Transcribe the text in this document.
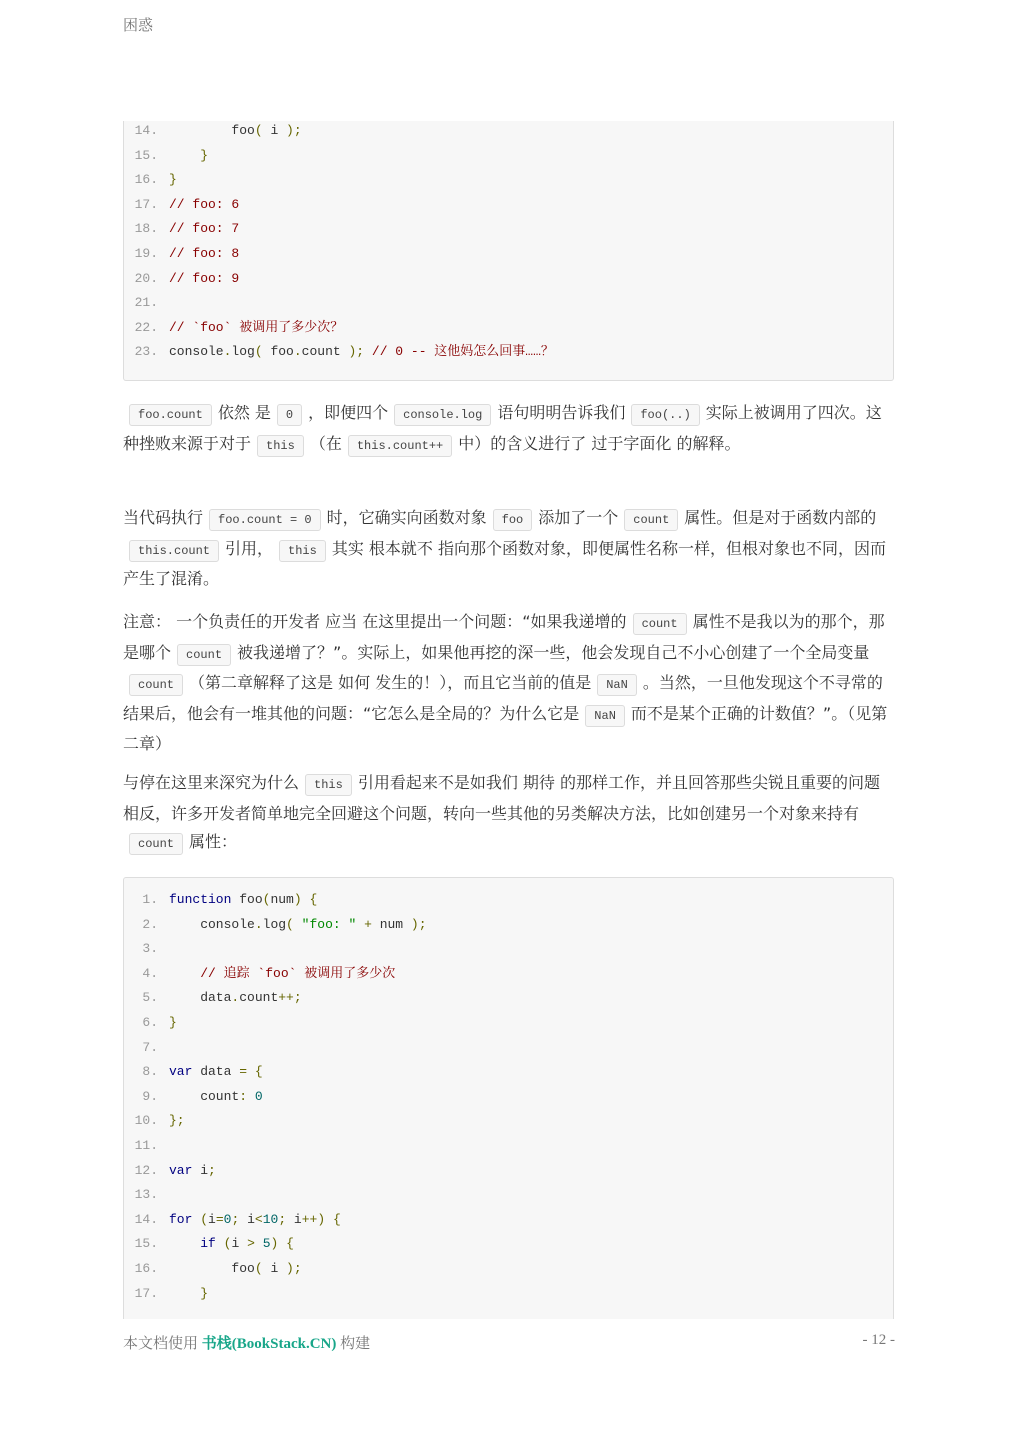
困惑
14. foo( i );
15.	}
16. }
17. // foo: 6
18. // foo: 7
19. // foo: 8
20. // foo: 9
21.
22. // `foo` 被调用了多少次？
23. console.log( foo.count ); // 0 -- 这他妈怎么回事……？

foo.count 依然 是 0 ，即便四个 console.log 语句明明告诉我们 foo(..) 实际上被调用了四次。这种挫败来源于对于 this （在 this.count++ 中）的含义进行了 过于字面化 的解释。

当代码执行 foo.count = 0 时，它确实向函数对象 foo 添加了一个 count 属性。但是对于函数内部的this.count 引用， this 其实 根本就不 指向那个函数对象，即便属性名称一样，但根对象也不同，因而产生了混淆。

注意： 一个负责任的开发者 应当 在这里提出一个问题：“如果我递增的 count 属性不是我以为的那个，那是哪个 count 被我递增了？”。实际上，如果他再挖的深一些，他会发现自己不小心创建了一个全局变量count （第二章解释了这是 如何 发生的！），而且它当前的值是 NaN 。当然，一旦他发现这个不寻常的结果后，他会有一堆其他的问题：“它怎么是全局的？为什么它是 NaN 而不是某个正确的计数值？”。（见第二章）

与停在这里来深究为什么 this 引用看起来不是如我们 期待 的那样工作，并且回答那些尖锐且重要的问题相反，许多开发者简单地完全回避这个问题，转向一些其他的另类解决方法，比如创建另一个对象来持有count 属性：

1. function foo(num) {
2. console.log( "foo: " + num );
3.
4.	// 追踪 `foo` 被调用了多少次
5. data.count++;
6. }
7.
8. var data = {
9. count: 0
10. };
11.
12. var i;
13.
14. for (i=0; i<10; i++) {
15.	if (i > 5) {
16. foo( i );
17.	}
本文档使用 书栈(BookStack.CN) 构建	- 12 -
